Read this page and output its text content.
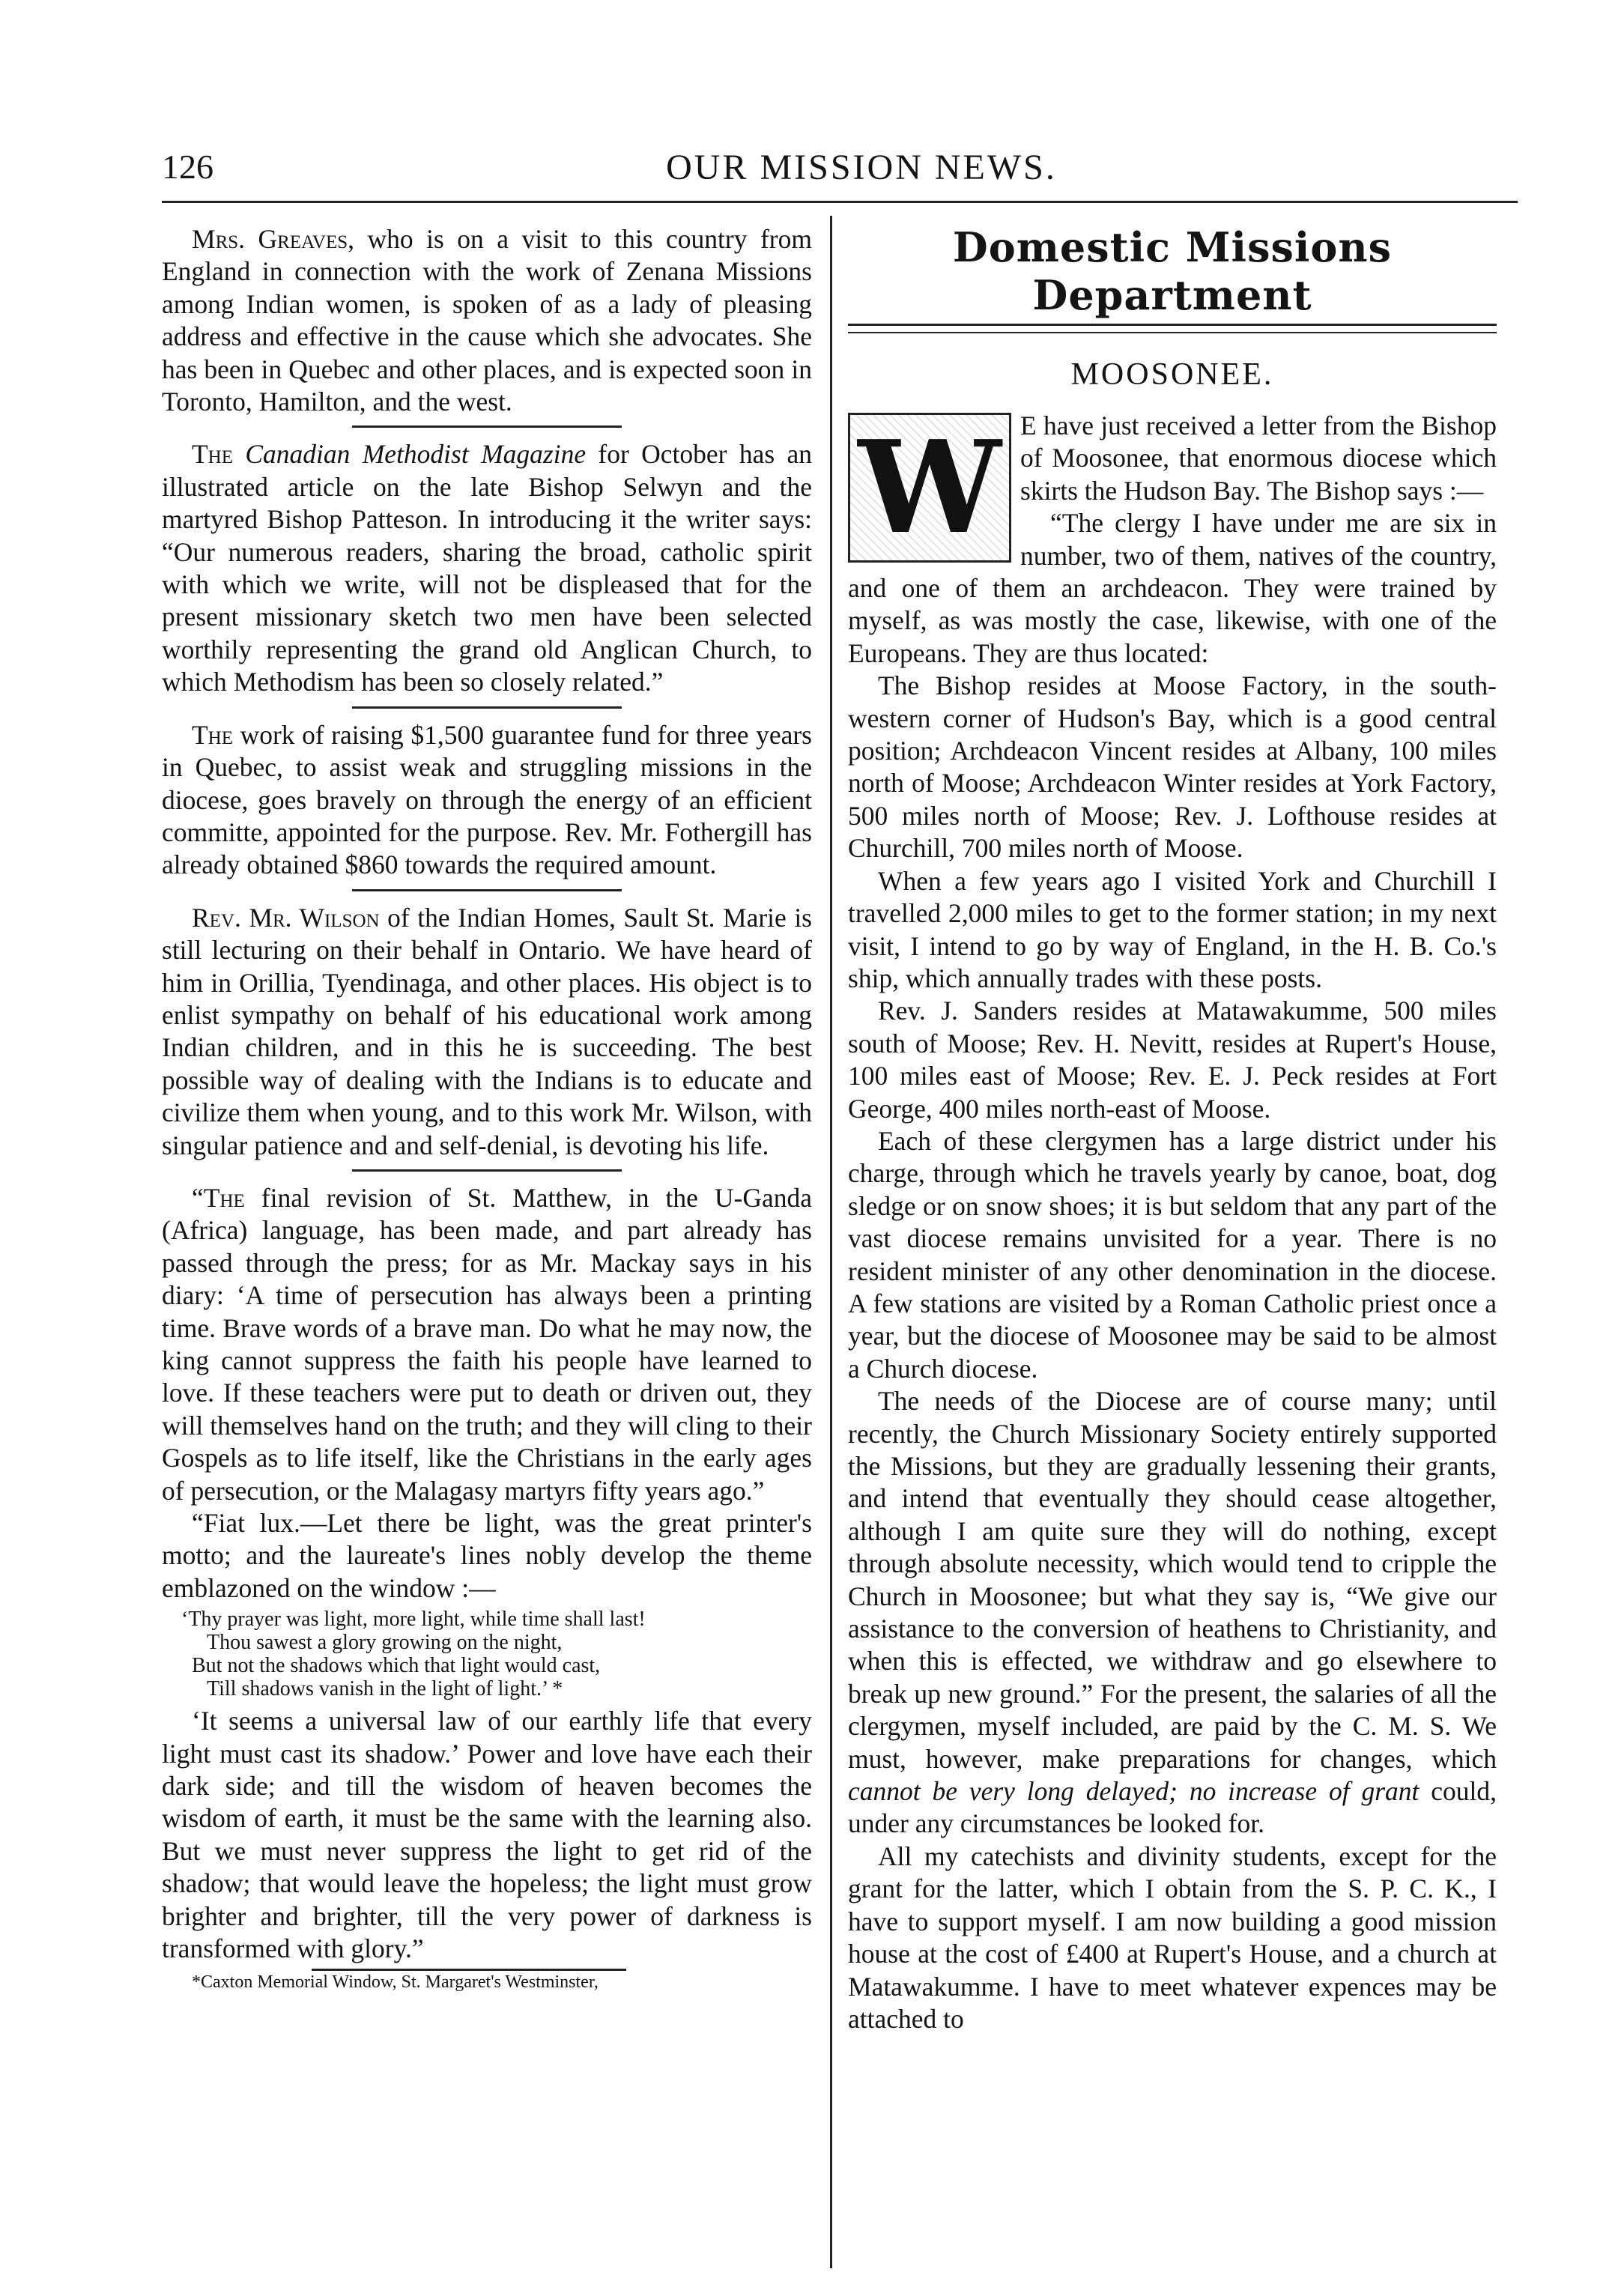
126	OUR MISSION NEWS.

Mrs. Greaves, who is on a visit to this country from England in connection with the work of Zenana Missions among Indian women, is spoken of as a lady of pleasing address and effective in the cause which she advocates. She has been in Quebec and other places, and is expected soon in Toronto, Hamilton, and the west.

The Canadian Methodist Magazine for October has an illustrated article on the late Bishop Selwyn and the martyred Bishop Patteson. In introducing it the writer says: “Our numerous readers, sharing the broad, catholic spirit with which we write, will not be displeased that for the present missionary sketch two men have been selected worthily representing the grand old Anglican Church, to which Methodism has been so closely related.”

The work of raising $1,500 guarantee fund for three years in Quebec, to assist weak and struggling missions in the diocese, goes bravely on through the energy of an efficient committe, appointed for the purpose. Rev. Mr. Fothergill has already obtained $860 towards the required amount.

Rev. Mr. Wilson of the Indian Homes, Sault St. Marie is still lecturing on their behalf in Ontario. We have heard of him in Orillia, Tyendinaga, and other places. His object is to enlist sympathy on behalf of his educational work among Indian children, and in this he is succeeding. The best possible way of dealing with the Indians is to educate and civilize them when young, and to this work Mr. Wilson, with singular patience and and self-denial, is devoting his life.

“The final revision of St. Matthew, in the U-Ganda (Africa) language, has been made, and part already has passed through the press; for as Mr. Mackay says in his diary: ‘A time of persecution has always been a printing time. Brave words of a brave man. Do what he may now, the king cannot suppress the faith his people have learned to love. If these teachers were put to death or driven out, they will themselves hand on the truth; and they will cling to their Gospels as to life itself, like the Christians in the early ages of persecution, or the Malagasy martyrs fifty years ago.”

“Fiat lux.—Let there be light, was the great printer's motto; and the laureate's lines nobly develop the theme emblazoned on the window :—

‘Thy prayer was light, more light, while time shall last!
Thou sawest a glory growing on the night,
But not the shadows which that light would cast,
Till shadows vanish in the light of light.’ *

‘It seems a universal law of our earthly life that every light must cast its shadow.’ Power and love have each their dark side; and till the wisdom of heaven becomes the wisdom of earth, it must be the same with the learning also. But we must never suppress the light to get rid of the shadow; that would leave the hopeless; the light must grow brighter and brighter, till the very power of darkness is transformed with glory.”

*Caxton Memorial Window, St. Margaret's Westminster,

Domestic Missions Department
MOOSONEE.
W E have just received a letter from the Bishop of Moosonee, that enormous diocese which skirts the Hudson Bay. The Bishop says :—

“The clergy I have under me are six in number, two of them, natives of the country, and one of them an archdeacon. They were trained by myself, as was mostly the case, likewise, with one of the Europeans. They are thus located:

The Bishop resides at Moose Factory, in the south-western corner of Hudson's Bay, which is a good central position; Archdeacon Vincent resides at Albany, 100 miles north of Moose; Archdeacon Winter resides at York Factory, 500 miles north of Moose; Rev. J. Lofthouse resides at Churchill, 700 miles north of Moose.

When a few years ago I visited York and Churchill I travelled 2,000 miles to get to the former station; in my next visit, I intend to go by way of England, in the H. B. Co.'s ship, which annually trades with these posts.

Rev. J. Sanders resides at Matawakumme, 500 miles south of Moose; Rev. H. Nevitt, resides at Rupert's House, 100 miles east of Moose; Rev. E. J. Peck resides at Fort George, 400 miles north-east of Moose.

Each of these clergymen has a large district under his charge, through which he travels yearly by canoe, boat, dog sledge or on snow shoes; it is but seldom that any part of the vast diocese remains unvisited for a year. There is no resident minister of any other denomination in the diocese. A few stations are visited by a Roman Catholic priest once a year, but the diocese of Moosonee may be said to be almost a Church diocese.

The needs of the Diocese are of course many; until recently, the Church Missionary Society entirely supported the Missions, but they are gradually lessening their grants, and intend that eventually they should cease altogether, although I am quite sure they will do nothing, except through absolute necessity, which would tend to cripple the Church in Moosonee; but what they say is, “We give our assistance to the conversion of heathens to Christianity, and when this is effected, we withdraw and go elsewhere to break up new ground.” For the present, the salaries of all the clergymen, myself included, are paid by the C. M. S. We must, however, make preparations for changes, which cannot be very long delayed; no increase of grant could, under any circumstances be looked for.

All my catechists and divinity students, except for the grant for the latter, which I obtain from the S. P. C. K., I have to support myself. I am now building a good mission house at the cost of £400 at Rupert's House, and a church at Matawakumme. I have to meet whatever expences may be attached to
